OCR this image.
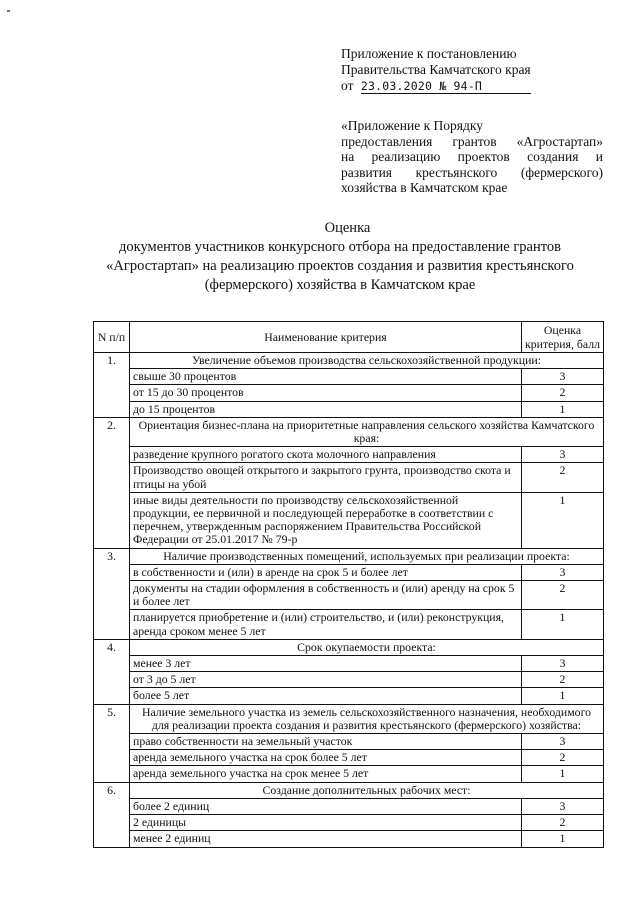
Приложение к постановлению
Правительства Камчатского края
от 23.03.2020 № 94-П
«Приложение к Порядку
предоставления грантов «Агростартап»
на реализацию проектов создания и
развития крестьянского (фермерского)
хозяйства в Камчатском крае
Оценка
документов участников конкурсного отбора на предоставление грантов
«Агростартап» на реализацию проектов создания и развития крестьянского
(фермерского) хозяйства в Камчатском крае
N п/п	Наименование критерия	Оценка критерия, балл
1.	Увеличение объемов производства сельскохозяйственной продукции:	
	свыше 30 процентов	3
	от 15 до 30 процентов	2
	до 15 процентов	1
2.	Ориентация бизнес-плана на приоритетные направления сельского хозяйства Камчатского края:	
	разведение крупного рогатого скота молочного направления	3
	Производство овощей открытого и закрытого грунта, производство скота и птицы на убой	2
	иные виды деятельности по производству сельскохозяйственной продукции, ее первичной и последующей переработке в соответствии с перечнем, утвержденным распоряжением Правительства Российской Федерации от 25.01.2017 № 79-р	1
3.	Наличие производственных помещений, используемых при реализации проекта:	
	в собственности и (или) в аренде на срок 5 и более лет	3
	документы на стадии оформления в собственность и (или) аренду на срок 5 и более лет	2
	планируется приобретение и (или) строительство, и (или) реконструкция, аренда сроком менее 5 лет	1
4.	Срок окупаемости проекта:	
	менее 3 лет	3
	от 3 до 5 лет	2
	более 5 лет	1
5.	Наличие земельного участка из земель сельскохозяйственного назначения, необходимого для реализации проекта создания и развития крестьянского (фермерского) хозяйства:	
	право собственности на земельный участок	3
	аренда земельного участка на срок более 5 лет	2
	аренда земельного участка на срок менее 5 лет	1
6.	Создание дополнительных рабочих мест:	
	более 2 единиц	3
	2 единицы	2
	менее 2 единиц	1
